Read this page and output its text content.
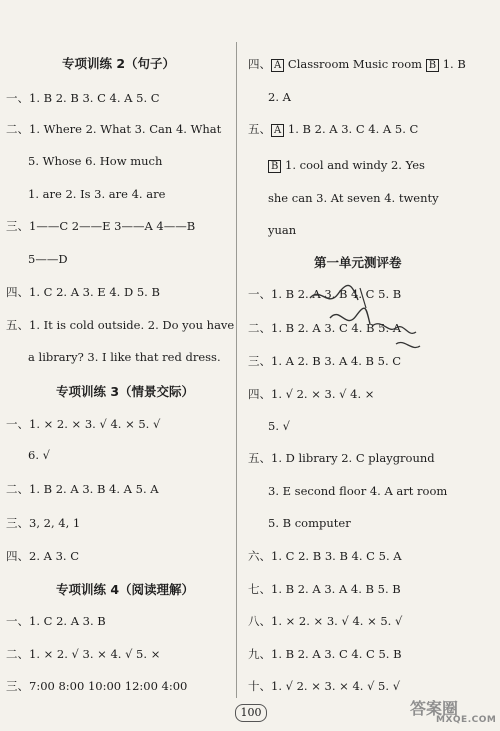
专项训练 2（句子）
一、1. B 2. B 3. C 4. A 5. C
二、1. Where 2. What 3. Can 4. What
5. Whose 6. How much
1. are 2. Is 3. are 4. are
三、1——C 2——E 3——A 4——B
5——D
四、1. C 2. A 3. E 4. D 5. B
五、1. It is cold outside. 2. Do you have
a library? 3. I like that red dress.
专项训练 3（情景交际）
一、1. × 2. × 3. √ 4. × 5. √
6. √
二、1. B 2. A 3. B 4. A 5. A
三、3, 2, 4, 1
四、2. A 3. C
专项训练 4（阅读理解）
一、1. C 2. A 3. B
二、1. × 2. √ 3. × 4. √ 5. ×
三、7:00 8:00 10:00 12:00 4:00
四、 A Classroom Music room B 1. B
2. A
五、 A 1. B 2. A 3. C 4. A 5. C
B 1. cool and windy 2. Yes
she can 3. At seven 4. twenty
yuan
第一单元测评卷
一、1. B 2. A 3. B 4. C 5. B
二、1. B 2. A 3. C 4. B 5. A
三、1. A 2. B 3. A 4. B 5. C
四、1. √ 2. × 3. √ 4. ×
5. √
五、1. D library 2. C playground
3. E second floor 4. A art room
5. B computer
六、1. C 2. B 3. B 4. C 5. A
七、1. B 2. A 3. A 4. B 5. B
八、1. × 2. × 3. √ 4. × 5. √
九、1. B 2. A 3. C 4. C 5. B
十、1. √ 2. × 3. × 4. √ 5. √
100	答案圈
MXQE.COM
